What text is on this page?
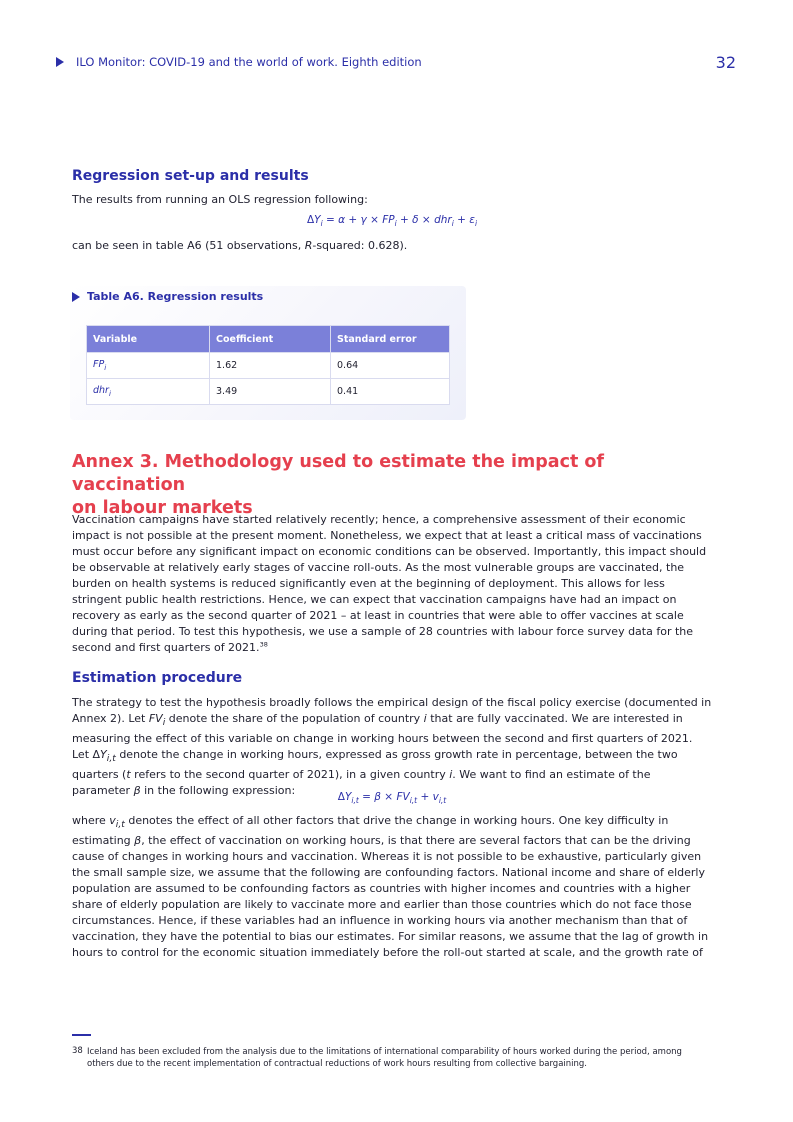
ILO Monitor: COVID-19 and the world of work. Eighth edition	32
Regression set-up and results
The results from running an OLS regression following:
$\Delta Y_i = \alpha + \gamma \times FP_i + \delta \times dhr_i + \varepsilon_i$
can be seen in table A6 (51 observations, R-squared: 0.628).
Table A6. Regression results
Variable	Coefficient	Standard error
$FP_i$	1.62	0.64
dhr$_i$	3.49	0.41
Annex 3. Methodology used to estimate the impact of vaccination
on labour markets
Vaccination campaigns have started relatively recently; hence, a comprehensive assessment of their economic impact is not possible at the present moment. Nonetheless, we expect that at least a critical mass of vaccinations must occur before any significant impact on economic conditions can be observed. Importantly, this impact should be observable at relatively early stages of vaccine roll-outs. As the most vulnerable groups are vaccinated, the burden on health systems is reduced significantly even at the beginning of deployment. This allows for less stringent public health restrictions. Hence, we can expect that vaccination campaigns have had an impact on recovery as early as the second quarter of 2021 – at least in countries that were able to offer vaccines at scale during that period. To test this hypothesis, we use a sample of 28 countries with labour force survey data for the second and first quarters of 2021.38
Estimation procedure
The strategy to test the hypothesis broadly follows the empirical design of the fiscal policy exercise (documented in Annex 2). Let $FV_i$ denote the share of the population of country i that are fully vaccinated. We are interested in measuring the effect of this variable on change in working hours between the second and first quarters of 2021. Let $\Delta Y_{i,t}$ denote the change in working hours, expressed as gross growth rate in percentage, between the two quarters (t refers to the second quarter of 2021), in a given country i. We want to find an estimate of the parameter β in the following expression:	$\Delta Y_{i,t} = \beta \times FV_{i,t} + v_{i,t}$
where $v_{i,t}$ denotes the effect of all other factors that drive the change in working hours. One key difficulty in estimating β, the effect of vaccination on working hours, is that there are several factors that can be the driving cause of changes in working hours and vaccination. Whereas it is not possible to be exhaustive, particularly given the small sample size, we assume that the following are confounding factors. National income and share of elderly population are assumed to be confounding factors as countries with higher incomes and countries with a higher share of elderly population are likely to vaccinate more and earlier than those countries which do not face those circumstances. Hence, if these variables had an influence in working hours via another mechanism than that of vaccination, they have the potential to bias our estimates. For similar reasons, we assume that the lag of growth in hours to control for the economic situation immediately before the roll-out started at scale, and the growth rate of
38 Iceland has been excluded from the analysis due to the limitations of international comparability of hours worked during the period, among others due to the recent implementation of contractual reductions of work hours resulting from collective bargaining.
